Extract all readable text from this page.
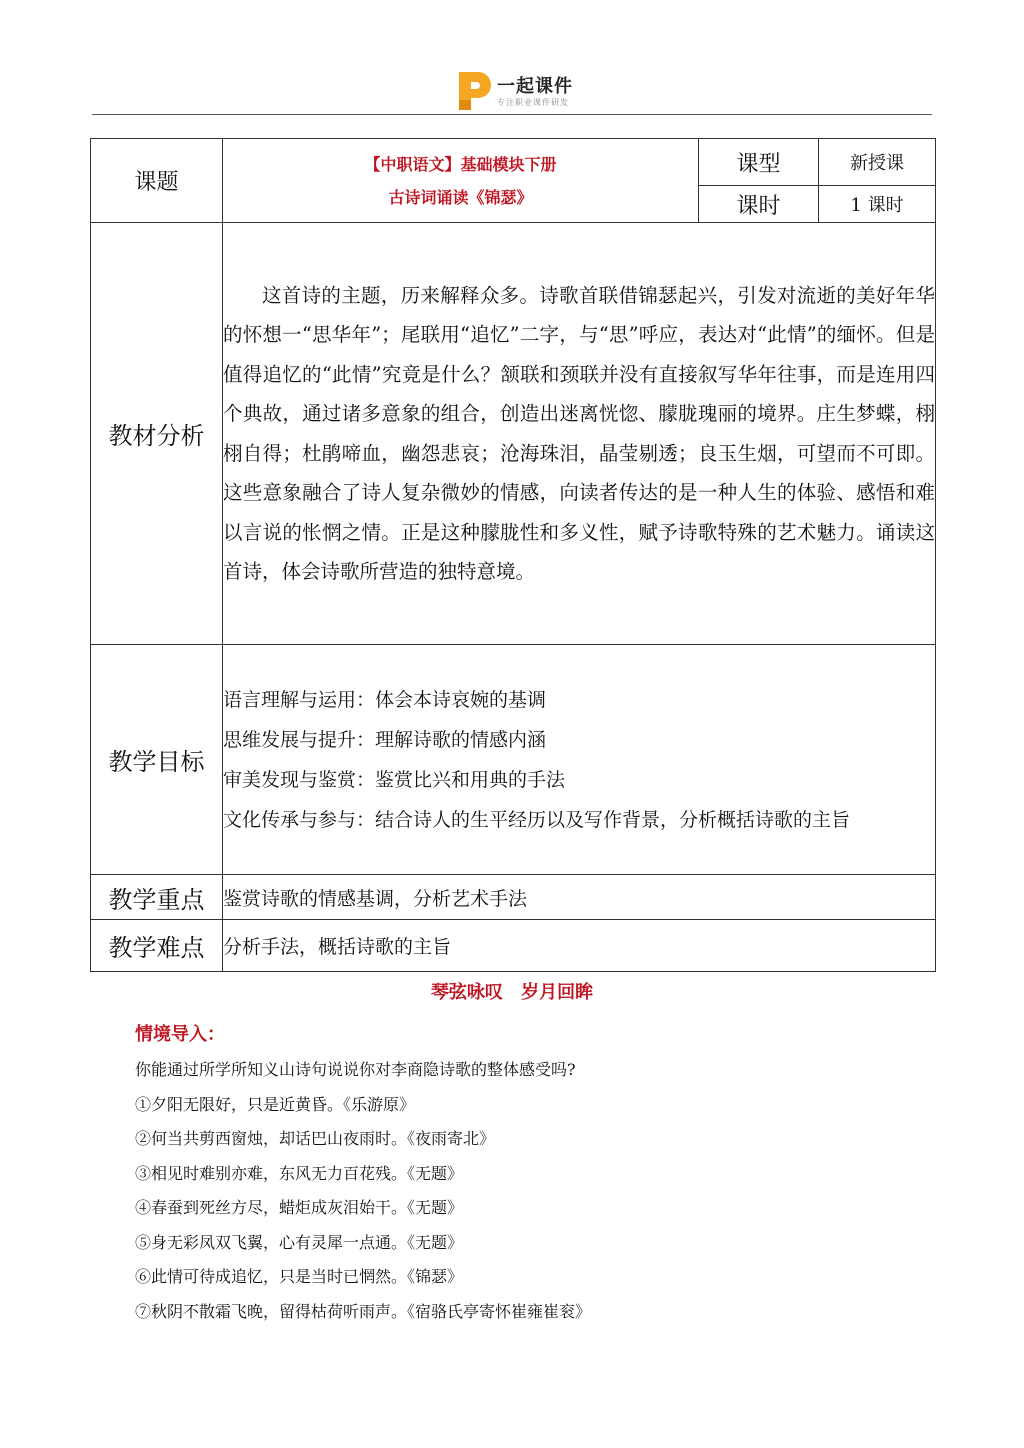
一起课件
专注职业课件研发
课题	【中职语文】基础模块下册
古诗词诵读《锦瑟》	课型	新授课
		课时	1 课时
教材分析	这首诗的主题，历来解释众多。诗歌首联借锦瑟起兴，引发对流逝的美好年华的怀想一“思华年”；尾联用“追忆”二字，与“思”呼应，表达对“此情”的缅怀。但是值得追忆的“此情”究竟是什么？颔联和颈联并没有直接叙写华年往事，而是连用四个典故，通过诸多意象的组合，创造出迷离恍惚、朦胧瑰丽的境界。庄生梦蝶，栩栩自得；杜鹃啼血，幽怨悲哀；沧海珠泪，晶莹剔透；良玉生烟，可望而不可即。这些意象融合了诗人复杂微妙的情感，向读者传达的是一种人生的体验、感悟和难以言说的怅惘之情。正是这种朦胧性和多义性，赋予诗歌特殊的艺术魅力。诵读这首诗，体会诗歌所营造的独特意境。		
教学目标	语言理解与运用：体会本诗哀婉的基调
思维发展与提升：理解诗歌的情感内涵
审美发现与鉴赏：鉴赏比兴和用典的手法
文化传承与参与：结合诗人的生平经历以及写作背景，分析概括诗歌的主旨		

教学重点	鉴赏诗歌的情感基调，分析艺术手法		
教学难点	分析手法，概括诗歌的主旨		
琴弦咏叹 岁月回眸
情境导入：
你能通过所学所知义山诗句说说你对李商隐诗歌的整体感受吗?
①夕阳无限好，只是近黄昏。《乐游原》
②何当共剪西窗烛，却话巴山夜雨时。《夜雨寄北》
③相见时难别亦难，东风无力百花残。《无题》
④春蚕到死丝方尽，蜡炬成灰泪始干。《无题》
⑤身无彩凤双飞翼，心有灵犀一点通。《无题》
⑥此情可待成追忆，只是当时已惘然。《锦瑟》
⑦秋阴不散霜飞晚，留得枯荷听雨声。《宿骆氏亭寄怀崔雍崔衮》
